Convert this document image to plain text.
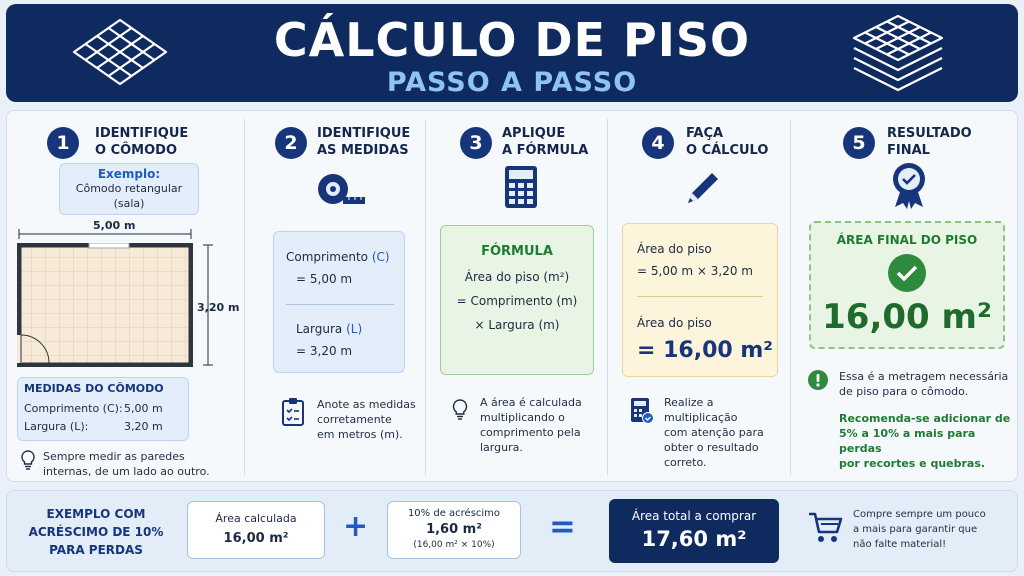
CÁLCULO DE PISO
PASSO A PASSO
1	IDENTIFIQUE
O CÔMODO
Exemplo:
Cômodo retangular
(sala)
5,00 m
3,20 m
MEDIDAS DO CÔMODO
Comprimento (C): 5,00 m
Largura (L):	3,20 m
Sempre medir as paredes
internas, de um lado ao outro.
2	IDENTIFIQUE
AS MEDIDAS
Comprimento (C)
= 5,00 m
Largura (L)
= 3,20 m
Anote as medidas
corretamente
em metros (m).
3	APLIQUE
A FÓRMULA
FÓRMULA
Área do piso (m²)
= Comprimento (m)
× Largura (m)
A área é calculada
multiplicando o
comprimento pela
largura.
4	FAÇA
O CÁLCULO
Área do piso
= 5,00 m × 3,20 m
Área do piso
= 16,00 m²
Realize a multiplicação
com atenção para
obter o resultado
correto.
5	RESULTADO
FINAL
ÁREA FINAL DO PISO
16,00 m²
Essa é a metragem necessária
de piso para o cômodo.
Recomenda-se adicionar de
5% a 10% a mais para perdas
por recortes e quebras.
EXEMPLO COM
ACRÉSCIMO DE 10%
PARA PERDAS
Área calculada
16,00 m²	+	10% de acréscimo
1,60 m²
(16,00 m² × 10%)	=	Área total a comprar
17,60 m²
Compre sempre um pouco
a mais para garantir que
não falte material!
